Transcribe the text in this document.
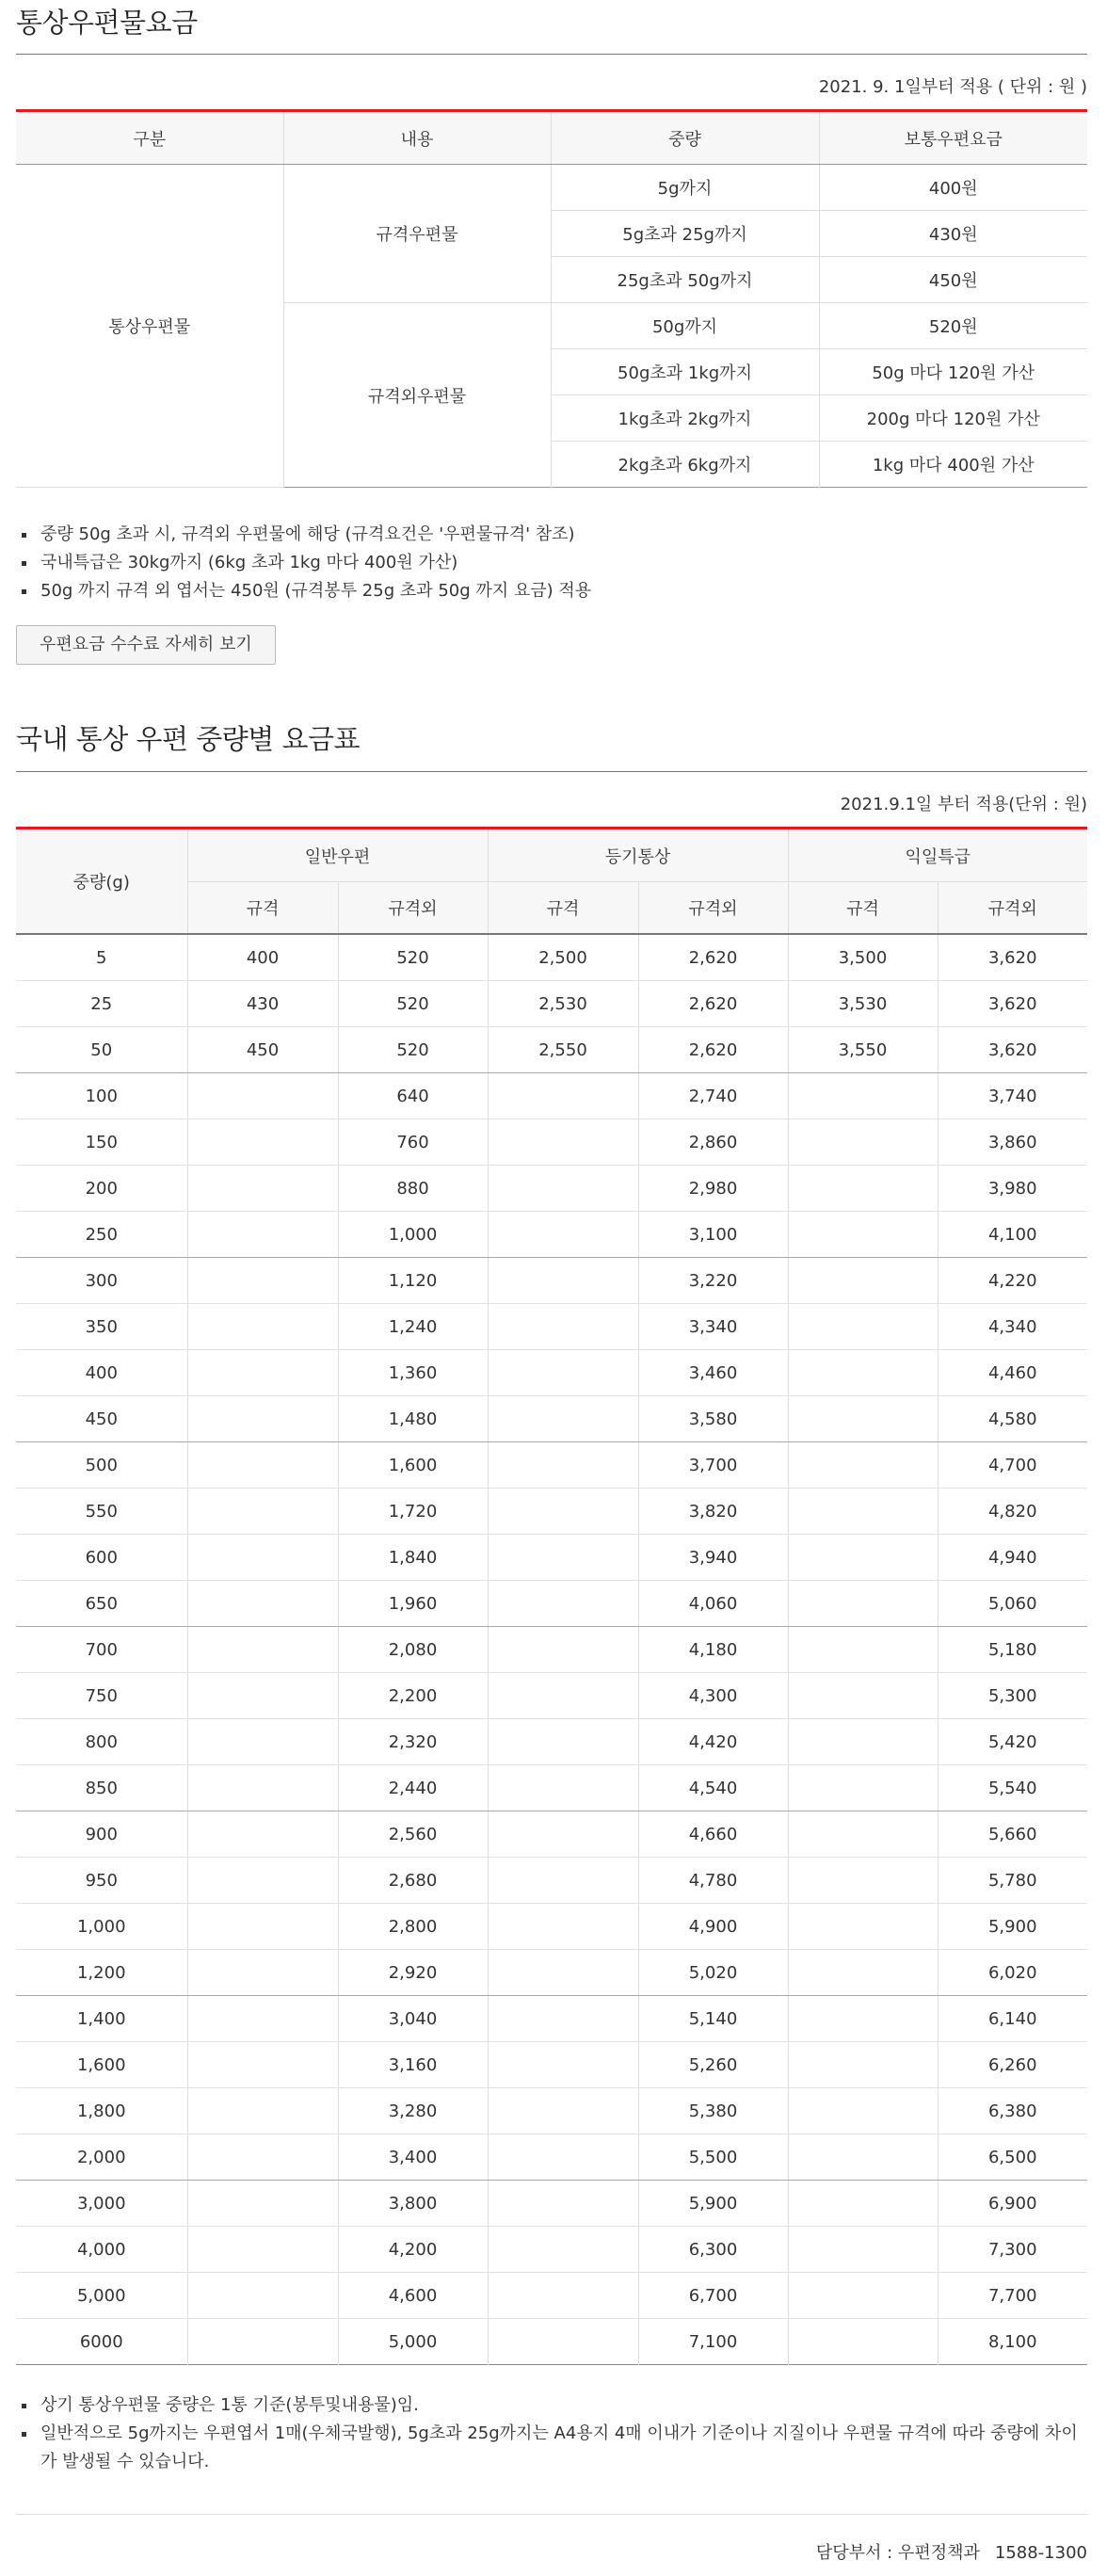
통상우편물요금
2021. 9. 1일부터 적용 ( 단위 : 원 )
구분	내용	중량	보통우편요금
통상우편물	규격우편물	5g까지	400원
		5g초과 25g까지	430원
		25g초과 50g까지	450원
	규격외우편물	50g까지	520원
		50g초과 1kg까지	50g 마다 120원 가산
		1kg초과 2kg까지	200g 마다 120원 가산
		2kg초과 6kg까지	1kg 마다 400원 가산
중량 50g 초과 시, 규격외 우편물에 해당 (규격요건은 '우편물규격' 참조)
국내특급은 30kg까지 (6kg 초과 1kg 마다 400원 가산)
50g 까지 규격 외 엽서는 450원 (규격봉투 25g 초과 50g 까지 요금) 적용
우편요금 수수료 자세히 보기
국내 통상 우편 중량별 요금표
2021.9.1일 부터 적용(단위 : 원)
중량(g)	일반우편		등기통상		익일특급	
	규격	규격외	규격	규격외	규격	규격외
5	400	520	2,500	2,620	3,500	3,620
25	430	520	2,530	2,620	3,530	3,620
50	450	520	2,550	2,620	3,550	3,620
100		640		2,740		3,740
150		760		2,860		3,860
200		880		2,980		3,980
250		1,000		3,100		4,100
300		1,120		3,220		4,220
350		1,240		3,340		4,340
400		1,360		3,460		4,460
450		1,480		3,580		4,580
500		1,600		3,700		4,700
550		1,720		3,820		4,820
600		1,840		3,940		4,940
650		1,960		4,060		5,060
700		2,080		4,180		5,180
750		2,200		4,300		5,300
800		2,320		4,420		5,420
850		2,440		4,540		5,540
900		2,560		4,660		5,660
950		2,680		4,780		5,780
1,000		2,800		4,900		5,900
1,200		2,920		5,020		6,020
1,400		3,040		5,140		6,140
1,600		3,160		5,260		6,260
1,800		3,280		5,380		6,380
2,000		3,400		5,500		6,500
3,000		3,800		5,900		6,900
4,000		4,200		6,300		7,300
5,000		4,600		6,700		7,700
6000		5,000		7,100		8,100
상기 통상우편물 중량은 1통 기준(봉투및내용물)임.
일반적으로 5g까지는 우편엽서 1매(우체국발행), 5g초과 25g까지는 A4용지 4매 이내가 기준이나 지질이나 우편물 규격에 따라 중량에 차이가 발생될 수 있습니다.
담당부서 : 우편정책과 1588-1300
